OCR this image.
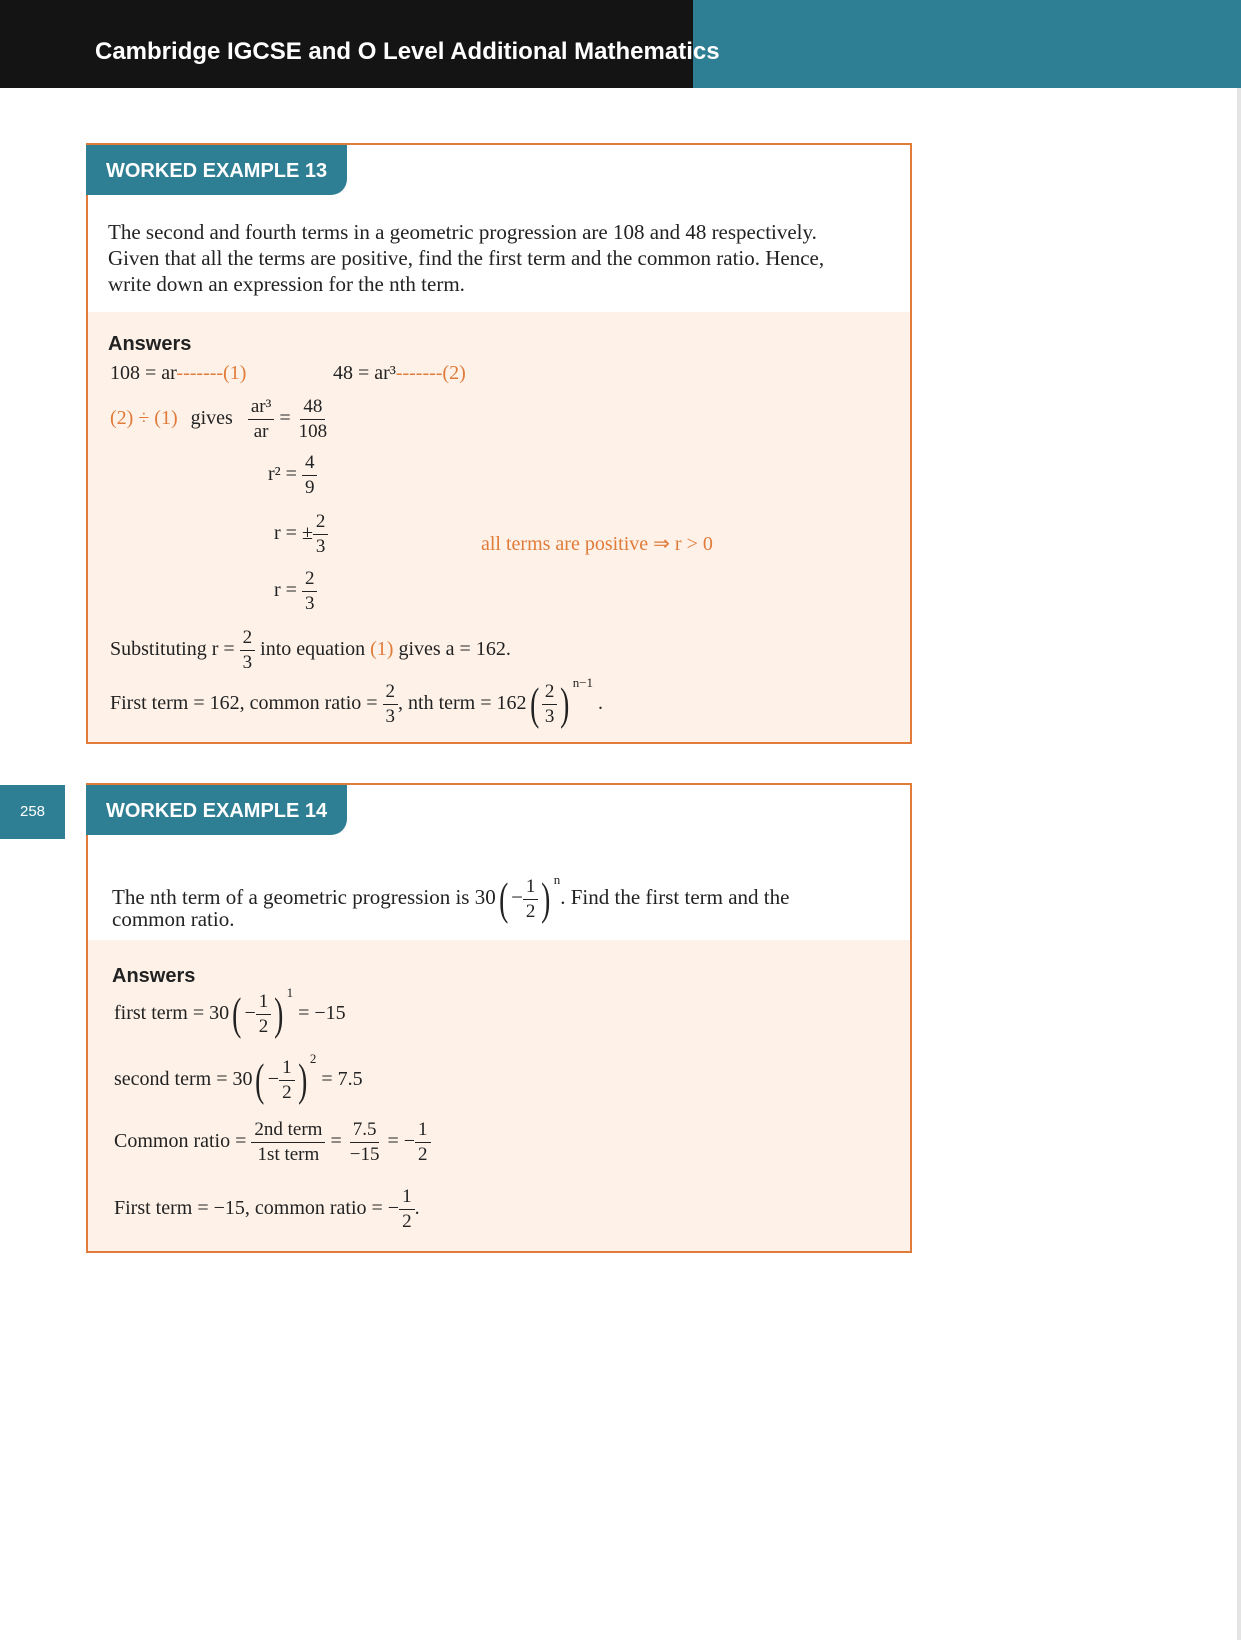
Cambridge IGCSE and O Level Additional Mathematics
WORKED EXAMPLE 13
The second and fourth terms in a geometric progression are 108 and 48 respectively.
Given that all the terms are positive, find the first term and the common ratio. Hence,
write down an expression for the nth term.
Answers
108 = ar-------(1)	48 = ar³-------(2)
(2) ÷ (1) gives $\frac{\text{ar³}}{ar} = \frac{48}{108}$
$r^2 = \frac{4}{9}$
r = ± $\frac{2}{3}$	all terms are positive ⇒ r > 0
$r = \frac{2}{3}$
Substituting $r = \frac{2}{3}$ into equation (1) gives a = 162.
First term = 162, common ratio = $\frac{2}{3}$ , nth term = $162( \frac{2}{3}$ ) $^{n-1}$ .
258	WORKED EXAMPLE 14
The nth term of a geometric progression is $30( - \frac{1}{2}$ ) $^n$. Find the first term and the
common ratio.
Answers
first term = $30( - \frac{1}{2}$ ) $^1$ = −15
second term = $30( - \frac{1}{2}$ ) $^2$ = 7.5
Common ratio = $\frac{\text{2nd term}}{\text{1st term}} = \frac{7.5}{-15}$ = − $\frac{1}{2}$
First term = −15, common ratio = − $\frac{1}{2}$ .
